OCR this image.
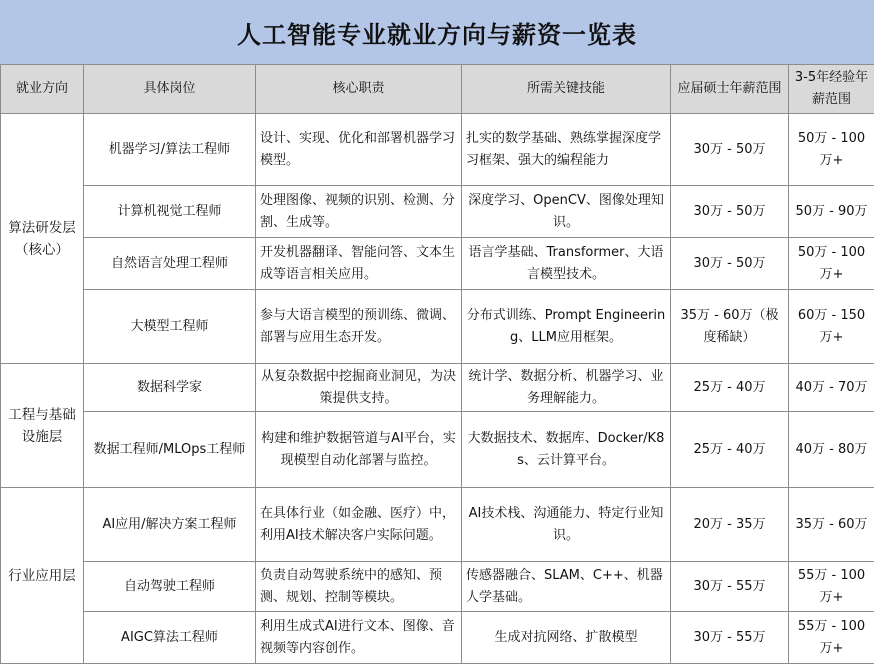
人工智能专业就业方向与薪资一览表
就业方向	具体岗位	核心职责	所需关键技能	应届硕士年薪范围	3-5年经验年薪范围
算法研发层（核心）	机器学习/算法工程师	设计、实现、优化和部署机器学习模型。	扎实的数学基础、熟练掌握深度学习框架、强大的编程能力	30万 - 50万	50万 - 100万+
	计算机视觉工程师	处理图像、视频的识别、检测、分割、生成等。	深度学习、OpenCV、图像处理知识。	30万 - 50万	50万 - 90万
	自然语言处理工程师	开发机器翻译、智能问答、文本生成等语言相关应用。	语言学基础、Transformer、大语言模型技术。	30万 - 50万	50万 - 100万+
	大模型工程师	参与大语言模型的预训练、微调、部署与应用生态开发。	分布式训练、Prompt Engineering、LLM应用框架。	35万 - 60万（极度稀缺）	60万 - 150万+
工程与基础设施层	数据科学家	从复杂数据中挖掘商业洞见，为决策提供支持。	统计学、数据分析、机器学习、业务理解能力。	25万 - 40万	40万 - 70万
	数据工程师/MLOps工程师	构建和维护数据管道与AI平台，实现模型自动化部署与监控。	大数据技术、数据库、Docker/K8s、云计算平台。	25万 - 40万	40万 - 80万
行业应用层	AI应用/解决方案工程师	在具体行业（如金融、医疗）中，利用AI技术解决客户实际问题。	AI技术栈、沟通能力、特定行业知识。	20万 - 35万	35万 - 60万
	自动驾驶工程师	负责自动驾驶系统中的感知、预测、规划、控制等模块。	传感器融合、SLAM、C++、机器人学基础。	30万 - 55万	55万 - 100万+
	AIGC算法工程师	利用生成式AI进行文本、图像、音视频等内容创作。	生成对抗网络、扩散模型	30万 - 55万	55万 - 100万+
